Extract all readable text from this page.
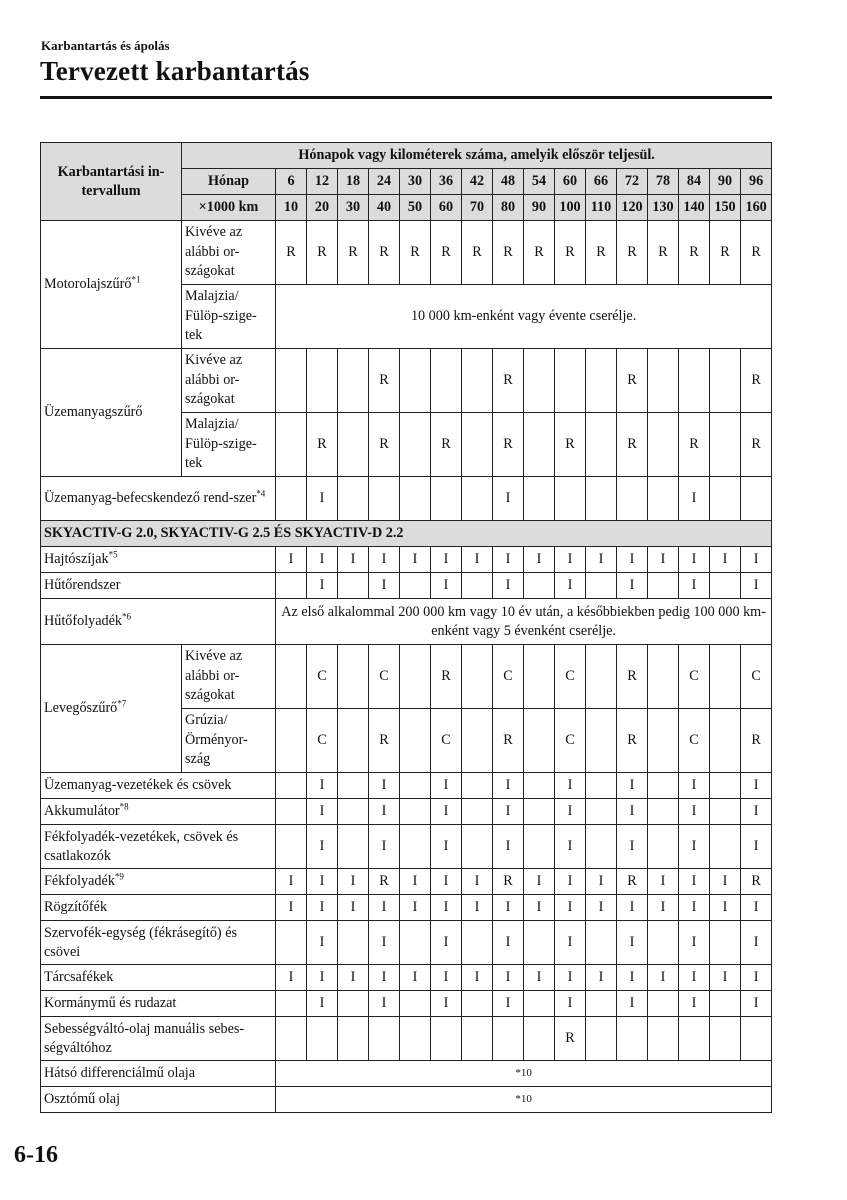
Karbantartás és ápolás
Tervezett karbantartás
Karbantartási in-tervallum	Hónapok vagy kilométerek száma, amelyik először teljesül.																
	Hónap	6	12	18	24	30	36	42	48	54	60	66	72	78	84	90	96
	×1000 km	10	20	30	40	50	60	70	80	90	100	110	120	130	140	150	160
Motorolajszűrő$^{*1}$	Kivéve az alábbi or-szágokat	R	R	R	R	R	R	R	R	R	R	R	R	R	R	R	R
	Malajzia/ Fülöp-szige-tek	10 000 km-enként vagy évente cserélje.															
Üzemanyagszűrő	Kivéve az alábbi or-szágokat				R				R				R				R
	Malajzia/ Fülöp-szige-tek		R		R		R		R		R		R		R		R
Üzemanyag-befecskendező rend-szer$^{*4}$			I						I						I		
SKYACTIV-G 2.0, SKYACTIV-G 2.5 ÉS SKYACTIV-D 2.2																	
Hajtószíjak$^{*5}$		I	I	I	I	I	I	I	I	I	I	I	I	I	I	I	I
Hűtőrendszer			I		I		I		I		I		I		I		I
Hűtőfolyadék$^{*6}$		Az első alkalommal 200 000 km vagy 10 év után, a későbbiekben pedig 100 000 km-enként vagy 5 évenként cserélje.															
Levegőszűrő$^{*7}$	Kivéve az alábbi or-szágokat		C		C		R		C		C		R		C		C
	Grúzia/ Örményor-szág		C		R		C		R		C		R		C		R
Üzemanyag-vezetékek és csövek			I		I		I		I		I		I		I		I
Akkumulátor$^{*8}$			I		I		I		I		I		I		I		I
Fékfolyadék-vezetékek, csövek és csatlakozók			I		I		I		I		I		I		I		I
Fékfolyadék$^{*9}$		I	I	I	R	I	I	I	R	I	I	I	R	I	I	I	R
Rögzítőfék		I	I	I	I	I	I	I	I	I	I	I	I	I	I	I	I
Szervofék-egység (fékrásegítő) és csövei			I		I		I		I		I		I		I		I
Tárcsafékek		I	I	I	I	I	I	I	I	I	I	I	I	I	I	I	I
Kormánymű és rudazat			I		I		I		I		I		I		I		I
Sebességváltó-olaj manuális sebes-ségváltóhoz											R						
Hátsó differenciálmű olaja		*10															
Osztómű olaj		*10															
6-16
